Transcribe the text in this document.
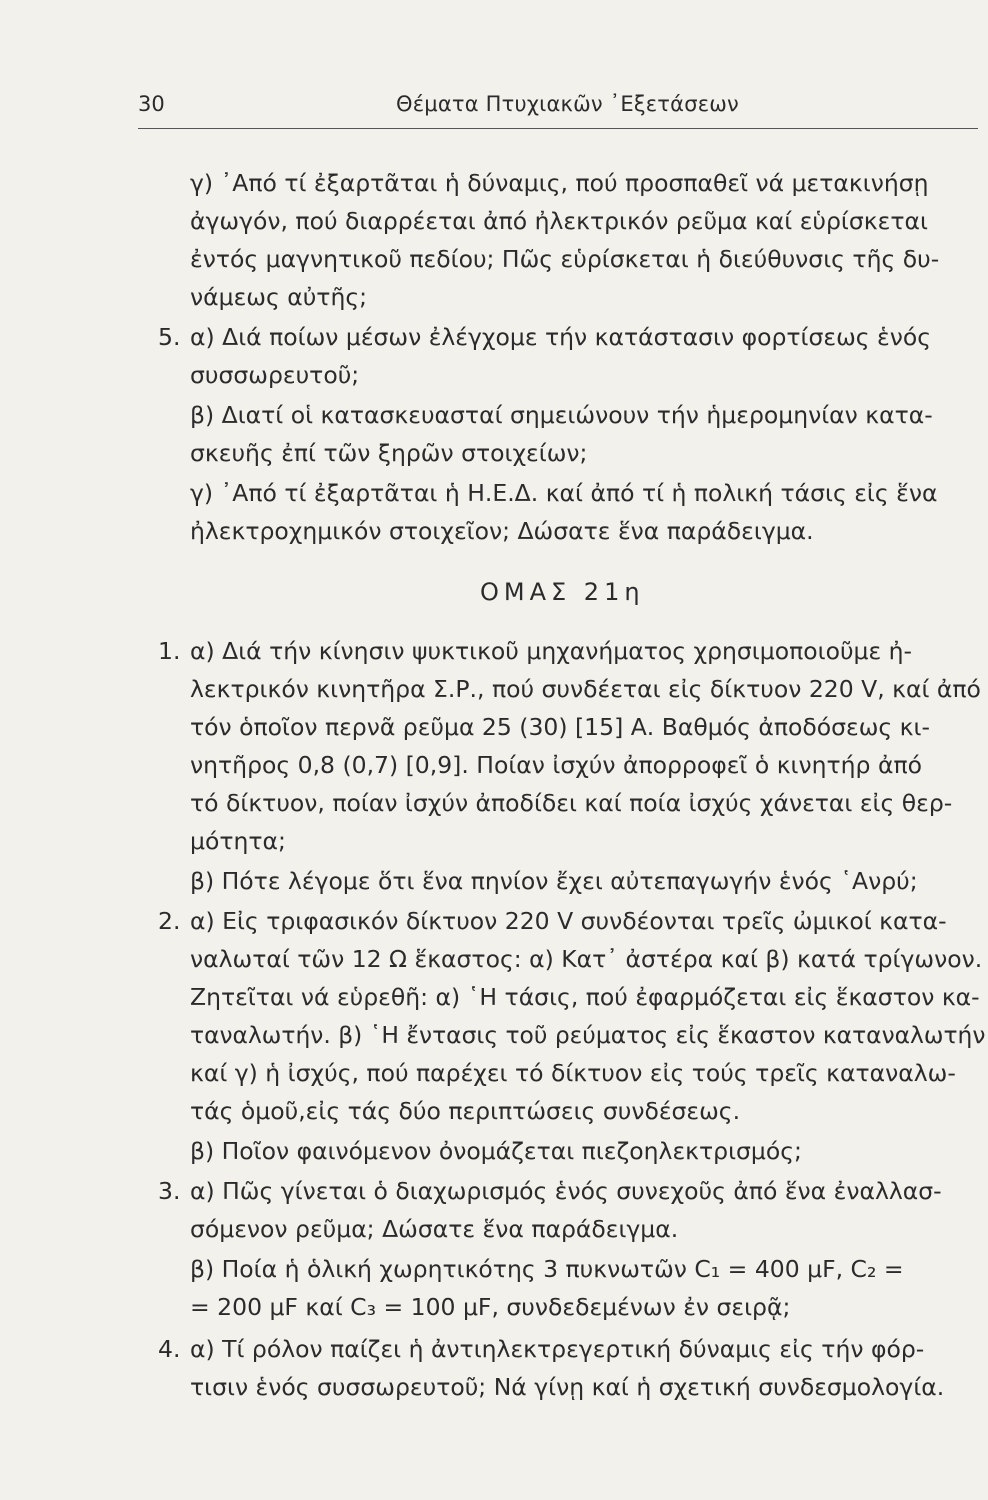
30	Θέματα Πτυχιακῶν ᾿Εξετάσεων
γ) ᾿Από τί ἐξαρτᾶται ἡ δύναμις, πού προσπαθεῖ νά μετακινήσῃ
ἀγωγόν, πού διαρρέεται ἀπό ἠλεκτρικόν ρεῦμα καί εὑρίσκεται
ἐντός μαγνητικοῦ πεδίου; Πῶς εὑρίσκεται ἡ διεύθυνσις τῆς δυ-
νάμεως αὐτῆς;
5. α) Διά ποίων μέσων ἐλέγχομε τήν κατάστασιν φορτίσεως ἑνός
συσσωρευτοῦ;
β) Διατί οἱ κατασκευασταί σημειώνουν τήν ἡμερομηνίαν κατα-
σκευῆς ἐπί τῶν ξηρῶν στοιχείων;
γ) ᾿Από τί ἐξαρτᾶται ἡ Η.Ε.Δ. καί ἀπό τί ἡ πολική τάσις εἰς ἕνα
ἠλεκτροχημικόν στοιχεῖον; Δώσατε ἕνα παράδειγμα.
ΟΜΑΣ 21η
1. α) Διά τήν κίνησιν ψυκτικοῦ μηχανήματος χρησιμοποιοῦμε ἠ-
λεκτρικόν κινητῆρα Σ.Ρ., πού συνδέεται εἰς δίκτυον 220 V, καί ἀπό
τόν ὁποῖον περνᾶ ρεῦμα 25 (30) [15] Α. Βαθμός ἀποδόσεως κι-
νητῆρος 0,8 (0,7) [0,9]. Ποίαν ἰσχύν ἀπορροφεῖ ὁ κινητήρ ἀπό
τό δίκτυον, ποίαν ἰσχύν ἀποδίδει καί ποία ἰσχύς χάνεται εἰς θερ-
μότητα;
β) Πότε λέγομε ὅτι ἕνα πηνίον ἔχει αὐτεπαγωγήν ἑνός ῾Ανρύ;
2. α) Εἰς τριφασικόν δίκτυον 220 V συνδέονται τρεῖς ὠμικοί κατα-
ναλωταί τῶν 12 Ω ἕκαστος: α) Κατ᾿ ἀστέρα καί β) κατά τρίγωνον.
Ζητεῖται νά εὑρεθῆ: α) ῾Η τάσις, πού ἐφαρμόζεται εἰς ἕκαστον κα-
ταναλωτήν. β) ῾Η ἔντασις τοῦ ρεύματος εἰς ἕκαστον καταναλωτήν
καί γ) ἡ ἰσχύς, πού παρέχει τό δίκτυον εἰς τούς τρεῖς καταναλω-
τάς ὁμοῦ,εἰς τάς δύο περιπτώσεις συνδέσεως.
β) Ποῖον φαινόμενον ὀνομάζεται πιεζοηλεκτρισμός;
3. α) Πῶς γίνεται ὁ διαχωρισμός ἑνός συνεχοῦς ἀπό ἕνα ἐναλλασ-
σόμενον ρεῦμα; Δώσατε ἕνα παράδειγμα.
β) Ποία ἡ ὁλική χωρητικότης 3 πυκνωτῶν C₁ = 400 μF, C₂ =
= 200 μF καί C₃ = 100 μF, συνδεδεμένων ἐν σειρᾷ;
4. α) Τί ρόλον παίζει ἡ ἀντιηλεκτρεγερτική δύναμις εἰς τήν φόρ-
τισιν ἑνός συσσωρευτοῦ; Νά γίνῃ καί ἡ σχετική συνδεσμολογία.
